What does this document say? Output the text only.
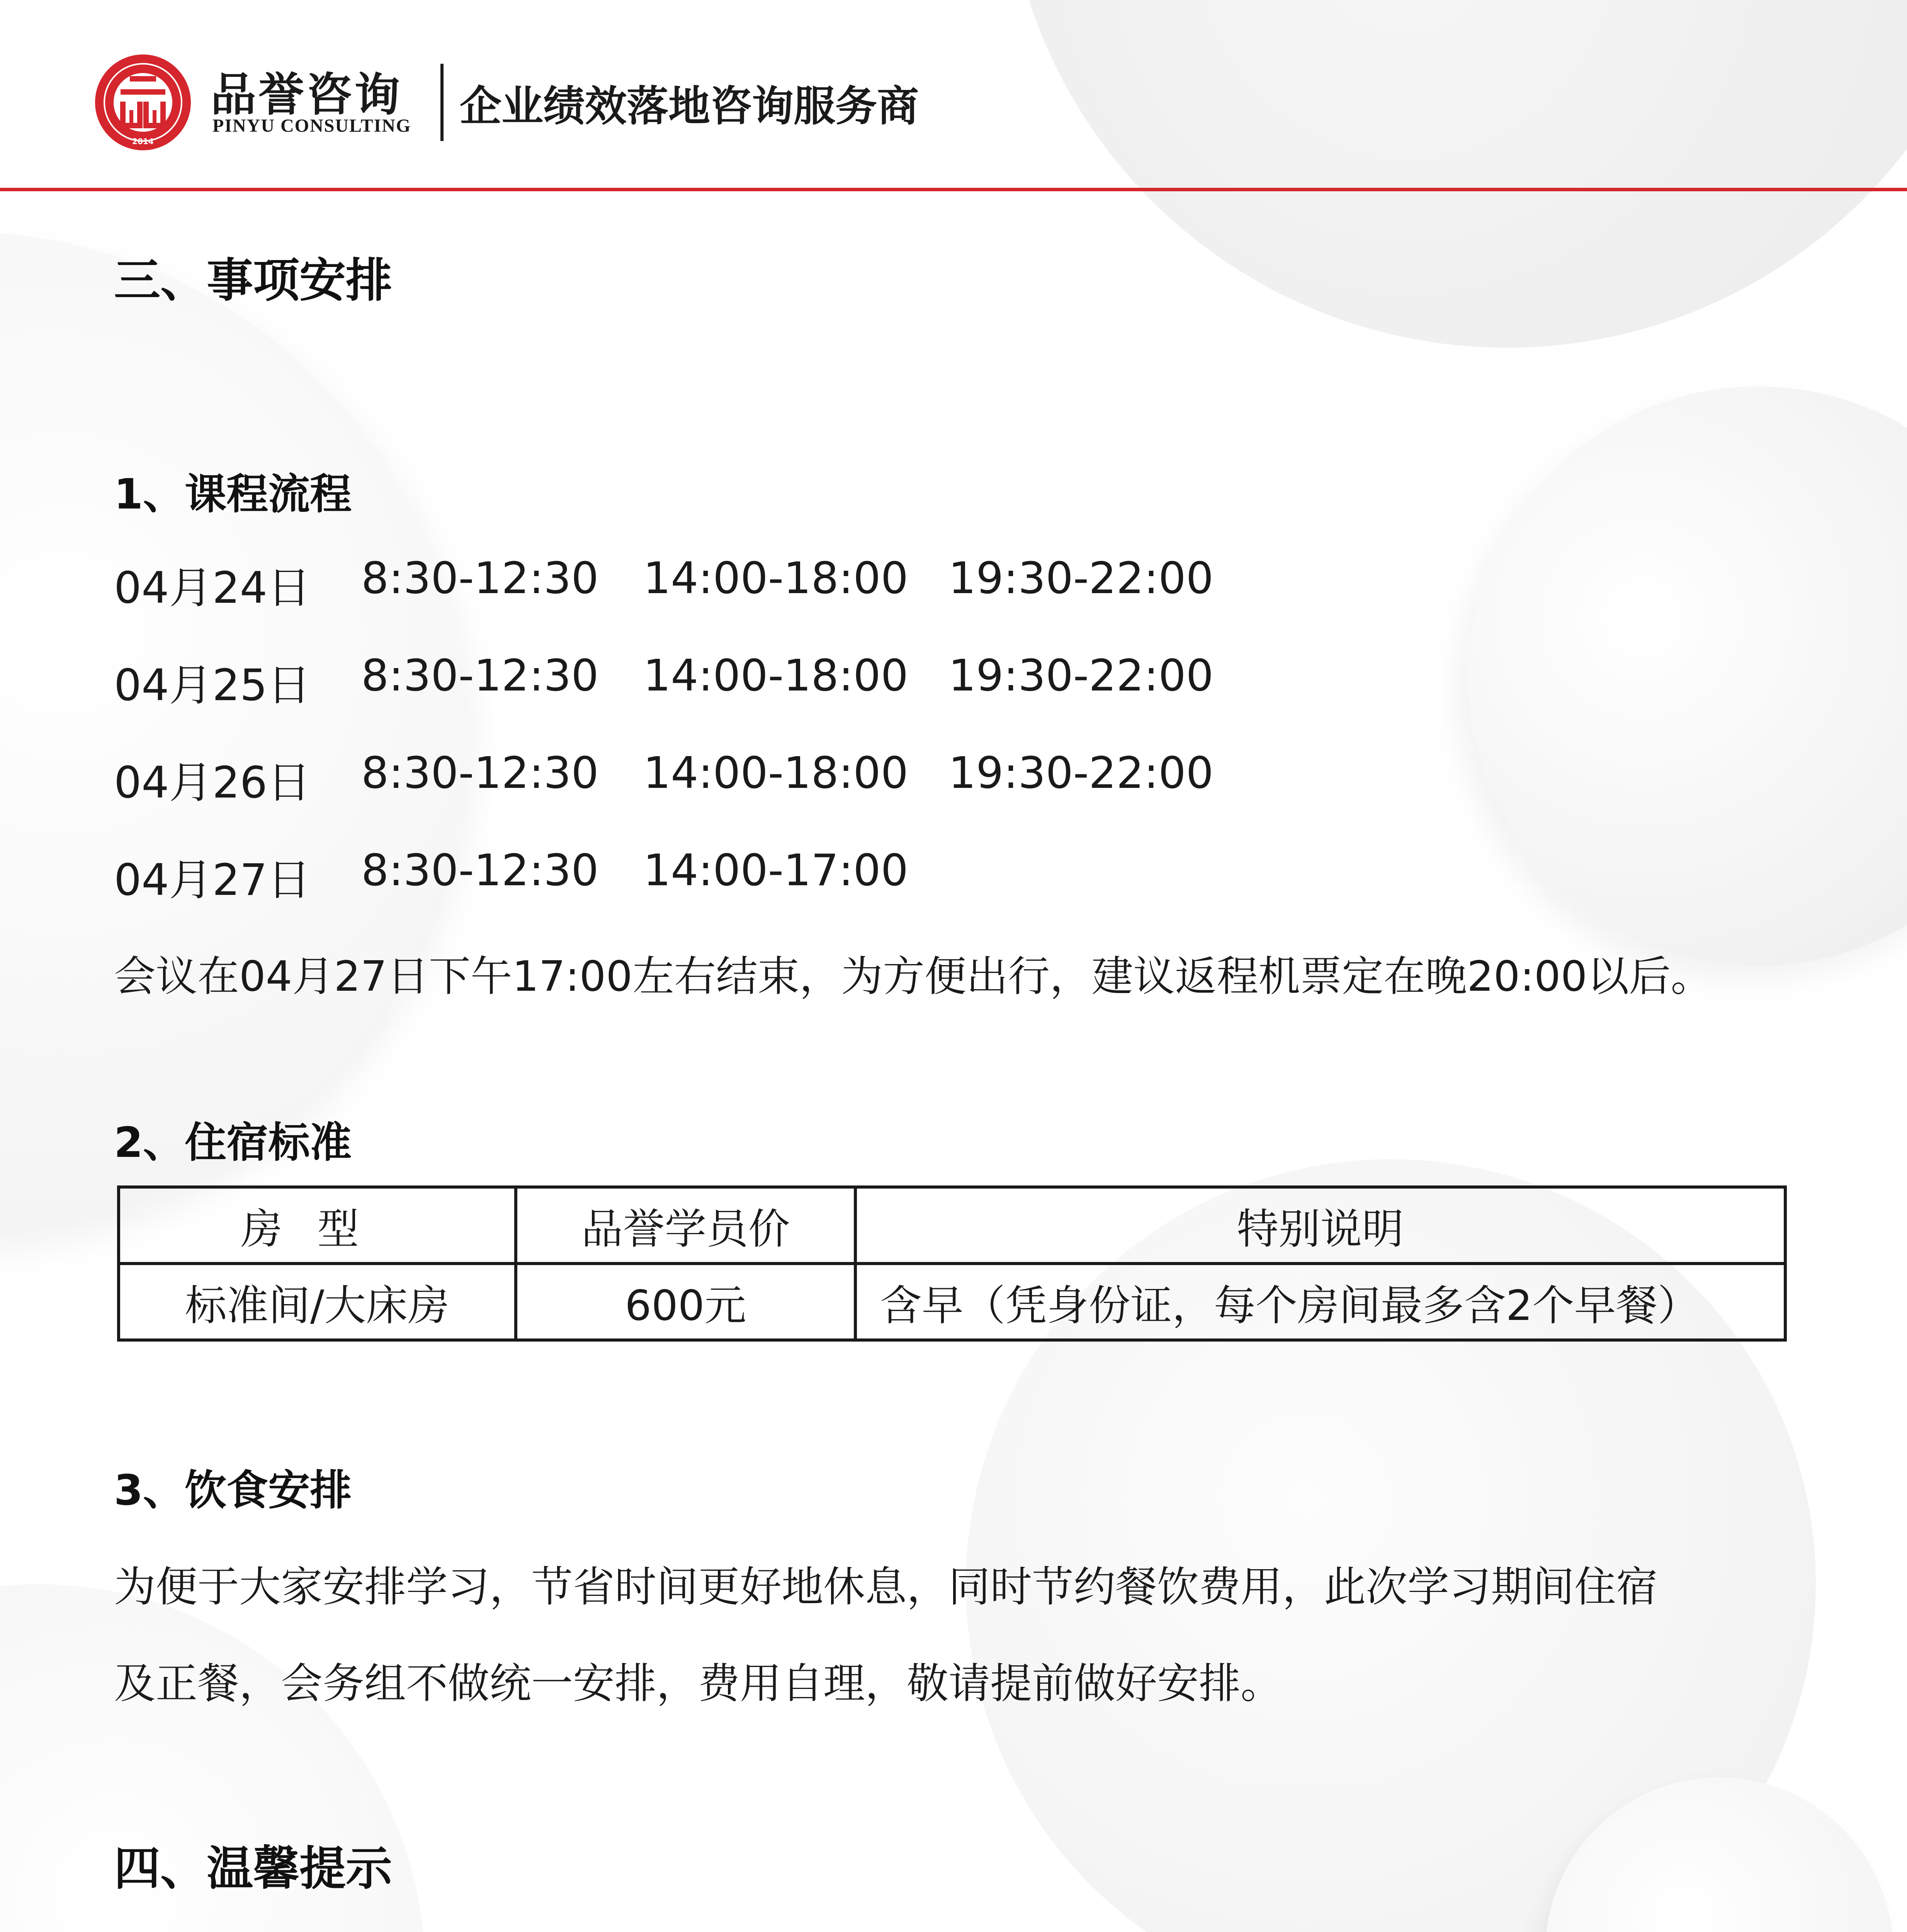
2014
品誉咨询
PINYU CONSULTING 企业绩效落地咨询服务商
三、事项安排
1、课程流程
04月24日 8:30-12:30 14:00-18:00 19:30-22:00
04月25日 8:30-12:30 14:00-18:00 19:30-22:00
04月26日 8:30-12:30 14:00-18:00 19:30-22:00
04月27日 8:30-12:30 14:00-17:00
会议在04月27日下午17:00左右结束，为方便出行，建议返程机票定在晚20:00以后。
2、住宿标准
房型	品誉学员价	特别说明
标准间/大床房	600元	含早（凭身份证，每个房间最多含2个早餐）
3、饮食安排
为便于大家安排学习，节省时间更好地休息，同时节约餐饮费用，此次学习期间住宿
及正餐，会务组不做统一安排，费用自理，敬请提前做好安排。
四、温馨提示
